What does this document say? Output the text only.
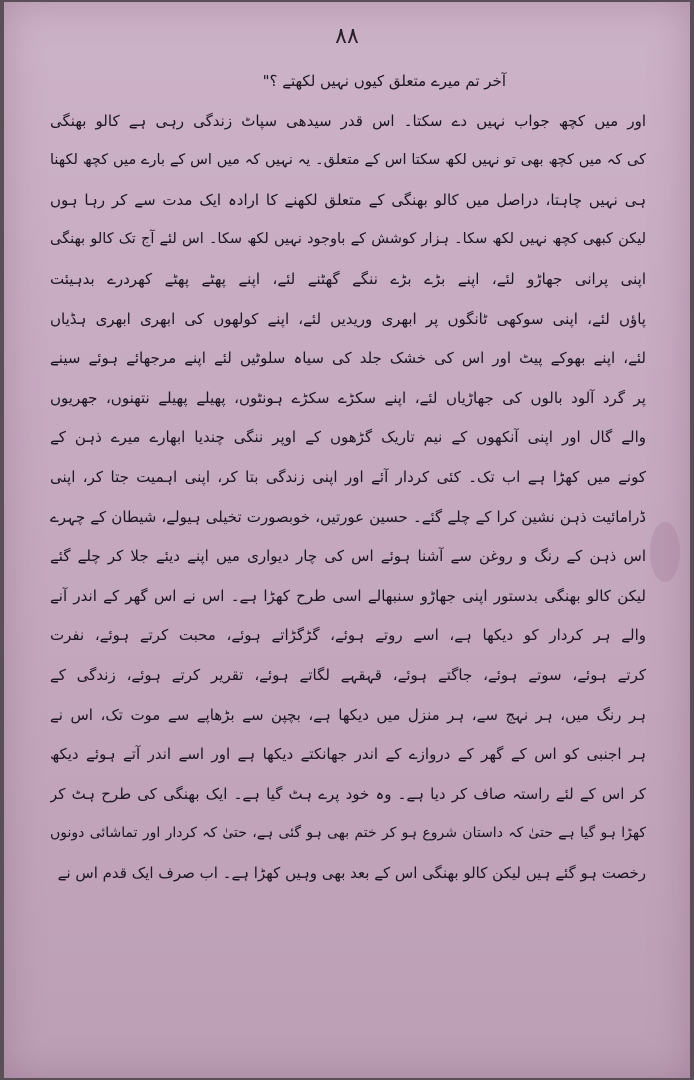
۸۸
آخر تم میرے متعلق کیوں نہیں لکھتے ؟"
اور میں کچھ جواب نہیں دے سکتا۔ اس قدر سیدھی سپاٹ زندگی رہی ہے کالو بھنگی
کی کہ میں کچھ بھی تو نہیں لکھ سکتا اس کے متعلق۔ یہ نہیں کہ میں اس کے بارے میں کچھ لکھنا
ہی نہیں چاہتا، دراصل میں کالو بھنگی کے متعلق لکھنے کا ارادہ ایک مدت سے کر رہا ہوں
لیکن کبھی کچھ نہیں لکھ سکا۔ ہزار کوشش کے باوجود نہیں لکھ سکا۔ اس لئے آج تک کالو بھنگی
اپنی پرانی جھاڑو لئے، اپنے بڑے بڑے ننگے گھٹنے لئے، اپنے پھٹے پھٹے کھردرے بدہیئت
پاؤں لئے، اپنی سوکھی ٹانگوں پر ابھری وریدیں لئے، اپنے کولھوں کی ابھری ابھری ہڈیاں
لئے، اپنے بھوکے پیٹ اور اس کی خشک جلد کی سیاہ سلوٹیں لئے اپنے مرجھائے ہوئے سینے
پر گرد آلود بالوں کی جھاڑیاں لئے، اپنے سکڑے سکڑے ہونٹوں، پھیلے پھیلے نتھنوں، جھریوں
والے گال اور اپنی آنکھوں کے نیم تاریک گڑھوں کے اوپر ننگی چندیا ابھارے میرے ذہن کے
کونے میں کھڑا ہے اب تک۔ کئی کردار آئے اور اپنی زندگی بتا کر، اپنی اہمیت جتا کر، اپنی
ڈرامائیت ذہن نشین کرا کے چلے گئے۔ حسین عورتیں، خوبصورت تخیلی ہیولے، شیطان کے چہرے
اس ذہن کے رنگ و روغن سے آشنا ہوئے اس کی چار دیواری میں اپنے دیئے جلا کر چلے گئے
لیکن کالو بھنگی بدستور اپنی جھاڑو سنبھالے اسی طرح کھڑا ہے۔ اس نے اس گھر کے اندر آنے
والے ہر کردار کو دیکھا ہے، اسے روتے ہوئے، گڑگڑاتے ہوئے، محبت کرتے ہوئے، نفرت
کرتے ہوئے، سوتے ہوئے، جاگتے ہوئے، قہقہے لگاتے ہوئے، تقریر کرتے ہوئے، زندگی کے
ہر رنگ میں، ہر نہج سے، ہر منزل میں دیکھا ہے، بچپن سے بڑھاپے سے موت تک، اس نے
ہر اجنبی کو اس کے گھر کے دروازے کے اندر جھانکتے دیکھا ہے اور اسے اندر آتے ہوئے دیکھ
کر اس کے لئے راستہ صاف کر دیا ہے۔ وہ خود پرے ہٹ گیا ہے۔ ایک بھنگی کی طرح ہٹ کر
کھڑا ہو گیا ہے حتیٰ کہ داستان شروع ہو کر ختم بھی ہو گئی ہے، حتیٰ کہ کردار اور تماشائی دونوں
رخصت ہو گئے ہیں لیکن کالو بھنگی اس کے بعد بھی وہیں کھڑا ہے۔ اب صرف ایک قدم اس نے
